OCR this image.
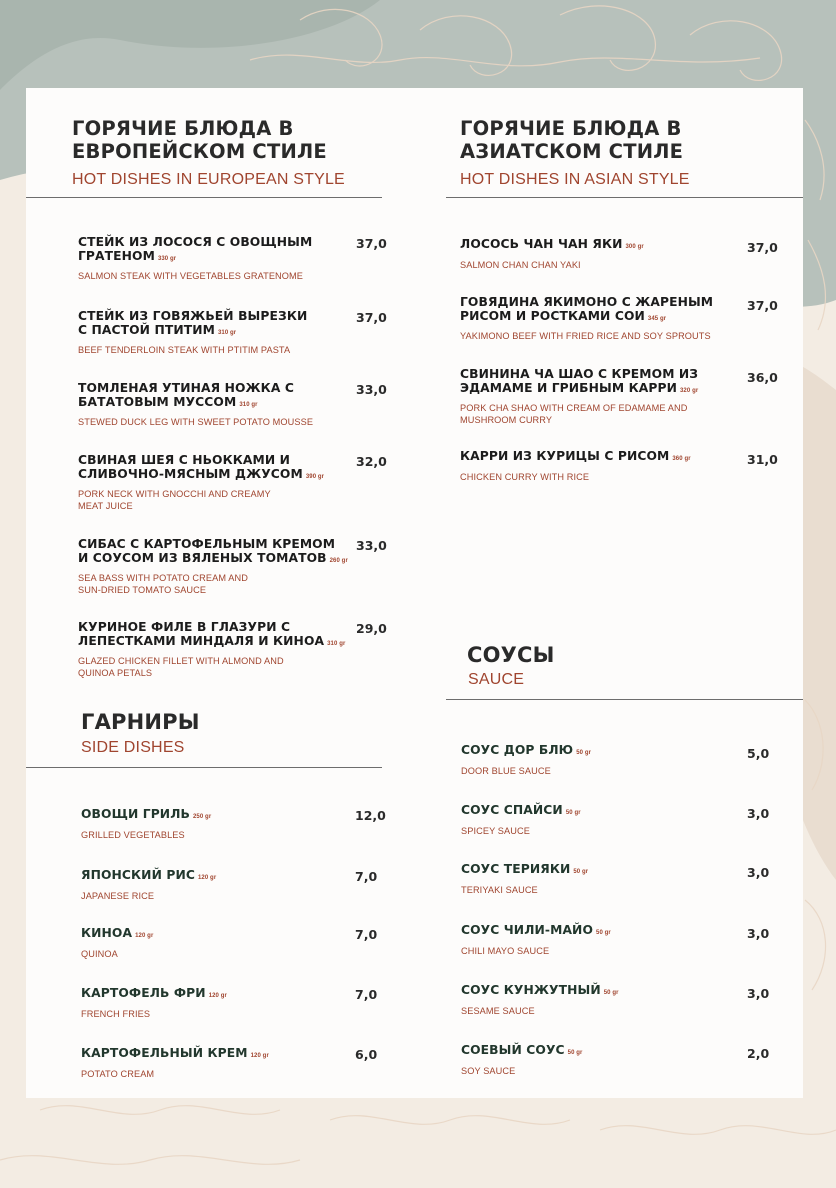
ГОРЯЧИЕ БЛЮДА В
ЕВРОПЕЙСКОМ СТИЛЕ
HOT DISHES IN EUROPEAN STYLE
СТЕЙК ИЗ ЛОСОСЯ С ОВОЩНЫМ
ГРАТЕНОМ 330 gr
SALMON STEAK WITH VEGETABLES GRATENOME
37,0
СТЕЙК ИЗ ГОВЯЖЬЕЙ ВЫРЕЗКИ
С ПАСТОЙ ПТИТИМ 310 gr
BEEF TENDERLOIN STEAK WITH PTITIM PASTA
37,0
ТОМЛЕНАЯ УТИНАЯ НОЖКА С
БАТАТОВЫМ МУССОМ 310 gr
STEWED DUCK LEG WITH SWEET POTATO MOUSSE
33,0
СВИНАЯ ШЕЯ С НЬОККАМИ И
СЛИВОЧНО-МЯСНЫМ ДЖУСОМ 390 gr
PORK NECK WITH GNOCCHI AND CREAMY
MEAT JUICE
32,0
СИБАС С КАРТОФЕЛЬНЫМ КРЕМОМ
И СОУСОМ ИЗ ВЯЛЕНЫХ ТОМАТОВ 260 gr
SEA BASS WITH POTATO CREAM AND
SUN-DRIED TOMATO SAUCE
33,0
КУРИНОЕ ФИЛЕ В ГЛАЗУРИ С
ЛЕПЕСТКАМИ МИНДАЛЯ И КИНОА 310 gr
GLAZED CHICKEN FILLET WITH ALMOND AND
QUINOA PETALS
29,0
ГОРЯЧИЕ БЛЮДА В
АЗИАТСКОМ СТИЛЕ
HOT DISHES IN ASIAN STYLE
ЛОСОСЬ ЧАН ЧАН ЯКИ 300 gr
SALMON CHAN CHAN YAKI
37,0
ГОВЯДИНА ЯКИМОНО С ЖАРЕНЫМ
РИСОМ И РОСТКАМИ СОИ 345 gr
YAKIMONO BEEF WITH FRIED RICE AND SOY SPROUTS
37,0
СВИНИНА ЧА ШАО С КРЕМОМ ИЗ
ЭДАМАМЕ И ГРИБНЫМ КАРРИ 320 gr
PORK CHA SHAO WITH CREAM OF EDAMAME AND
MUSHROOM CURRY
36,0
КАРРИ ИЗ КУРИЦЫ С РИСОМ 360 gr
CHICKEN CURRY WITH RICE
31,0
ГАРНИРЫ
SIDE DISHES
ОВОЩИ ГРИЛЬ 250 gr
GRILLED VEGETABLES
12,0
ЯПОНСКИЙ РИС 120 gr
JAPANESE RICE
7,0
КИНОА 120 gr
QUINOA
7,0
КАРТОФЕЛЬ ФРИ 120 gr
FRENCH FRIES
7,0
КАРТОФЕЛЬНЫЙ КРЕМ 120 gr
POTATO CREAM
6,0
СОУСЫ
SAUCE
СОУС ДОР БЛЮ 50 gr
DOOR BLUE SAUCE
5,0
СОУС СПАЙСИ 50 gr
SPICEY SAUCE
3,0
СОУС ТЕРИЯКИ 50 gr
TERIYAKI SAUCE
3,0
СОУС ЧИЛИ-МАЙО 50 gr
CHILI MAYO SAUCE
3,0
СОУС КУНЖУТНЫЙ 50 gr
SESAME SAUCE
3,0
СОЕВЫЙ СОУС 50 gr
SOY SAUCE
2,0
